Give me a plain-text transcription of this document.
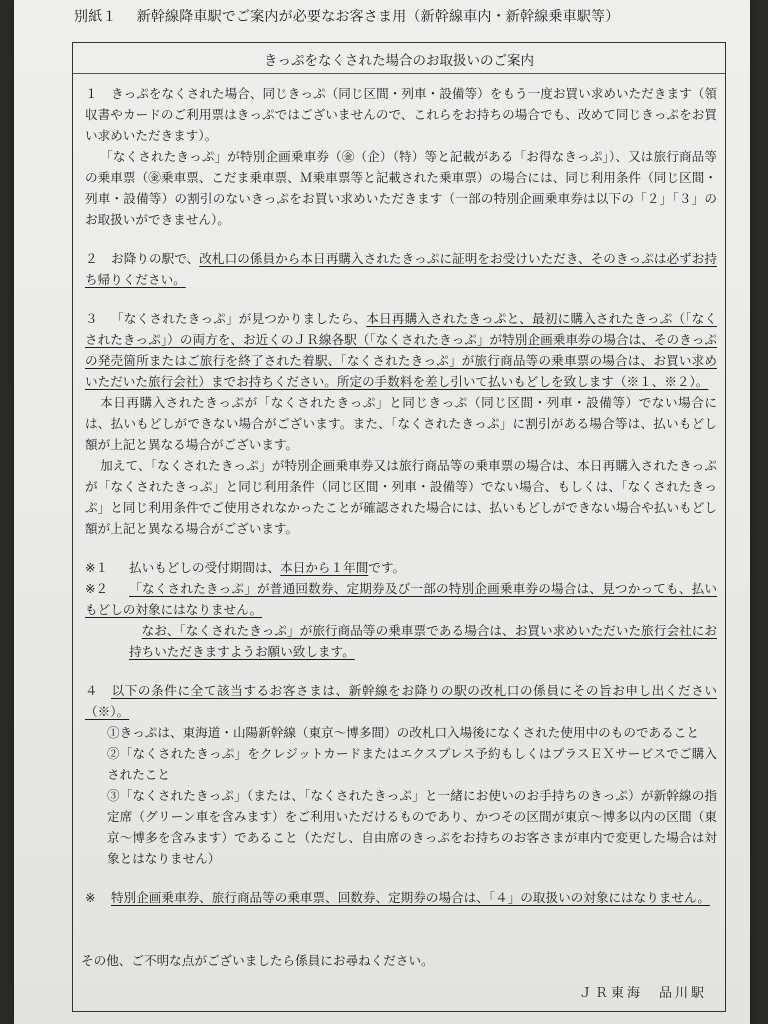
別紙１ 新幹線降車駅でご案内が必要なお客さま用（新幹線車内・新幹線乗車駅等）
きっぷをなくされた場合のお取扱いのご案内

１ きっぷをなくされた場合、同じきっぷ（同じ区間・列車・設備等）をもう一度お買い求めいただきます（領収書やカードのご利用票はきっぷではございませんので、これらをお持ちの場合でも、改めて同じきっぷをお買い求めいただきます）。

「なくされたきっぷ」が特別企画乗車券（㊎（企）（特）等と記載がある「お得なきっぷ」）、又は旅行商品等の乗車票（㊎乗車票、こだま乗車票、Ｍ乗車票等と記載された乗車票）の場合には、同じ利用条件（同じ区間・列車・設備等）の割引のないきっぷをお買い求めいただきます（一部の特別企画乗車券は以下の「２」「３」のお取扱いができません）。

２ お降りの駅で、改札口の係員から本日再購入されたきっぷに証明をお受けいただき、そのきっぷは必ずお持ち帰りください。

３ 「なくされたきっぷ」が見つかりましたら、本日再購入されたきっぷと、最初に購入されたきっぷ（「なくされたきっぷ」）の両方を、お近くのＪＲ線各駅（「なくされたきっぷ」が特別企画乗車券の場合は、そのきっぷの発売箇所またはご旅行を終了された着駅、「なくされたきっぷ」が旅行商品等の乗車票の場合は、お買い求めいただいた旅行会社）までお持ちください。所定の手数料を差し引いて払いもどしを致します（※１、※２）。

本日再購入されたきっぷが「なくされたきっぷ」と同じきっぷ（同じ区間・列車・設備等）でない場合には、払いもどしができない場合がございます。また、「なくされたきっぷ」に割引がある場合等は、払いもどし額が上記と異なる場合がございます。

加えて、「なくされたきっぷ」が特別企画乗車券又は旅行商品等の乗車票の場合は、本日再購入されたきっぷが「なくされたきっぷ」と同じ利用条件（同じ区間・列車・設備等）でない場合、もしくは、「なくされたきっぷ」と同じ利用条件でご使用されなかったことが確認された場合には、払いもどしができない場合や払いもどし額が上記と異なる場合がございます。

※１ 払いもどしの受付期間は、本日から１年間です。

※２ 「なくされたきっぷ」が普通回数券、定期券及び一部の特別企画乗車券の場合は、見つかっても、払いもどしの対象にはなりません。

なお、「なくされたきっぷ」が旅行商品等の乗車票である場合は、お買い求めいただいた旅行会社にお持ちいただきますようお願い致します。

４ 以下の条件に全て該当するお客さまは、新幹線をお降りの駅の改札口の係員にその旨お申し出ください（※）。

①きっぷは、東海道・山陽新幹線（東京～博多間）の改札口入場後になくされた使用中のものであること

②「なくされたきっぷ」をクレジットカードまたはエクスプレス予約もしくはプラスＥＸサービスでご購入されたこと

③「なくされたきっぷ」（または、「なくされたきっぷ」と一緒にお使いのお手持ちのきっぷ）が新幹線の指定席（グリーン車を含みます）をご利用いただけるものであり、かつその区間が東京～博多以内の区間（東京～博多を含みます）であること（ただし、自由席のきっぷをお持ちのお客さまが車内で変更した場合は対象とはなりません）

※ 特別企画乗車券、旅行商品等の乗車票、回数券、定期券の場合は、「４」の取扱いの対象にはなりません。

その他、ご不明な点がございましたら係員にお尋ねください。
ＪＲ東海　品川駅
